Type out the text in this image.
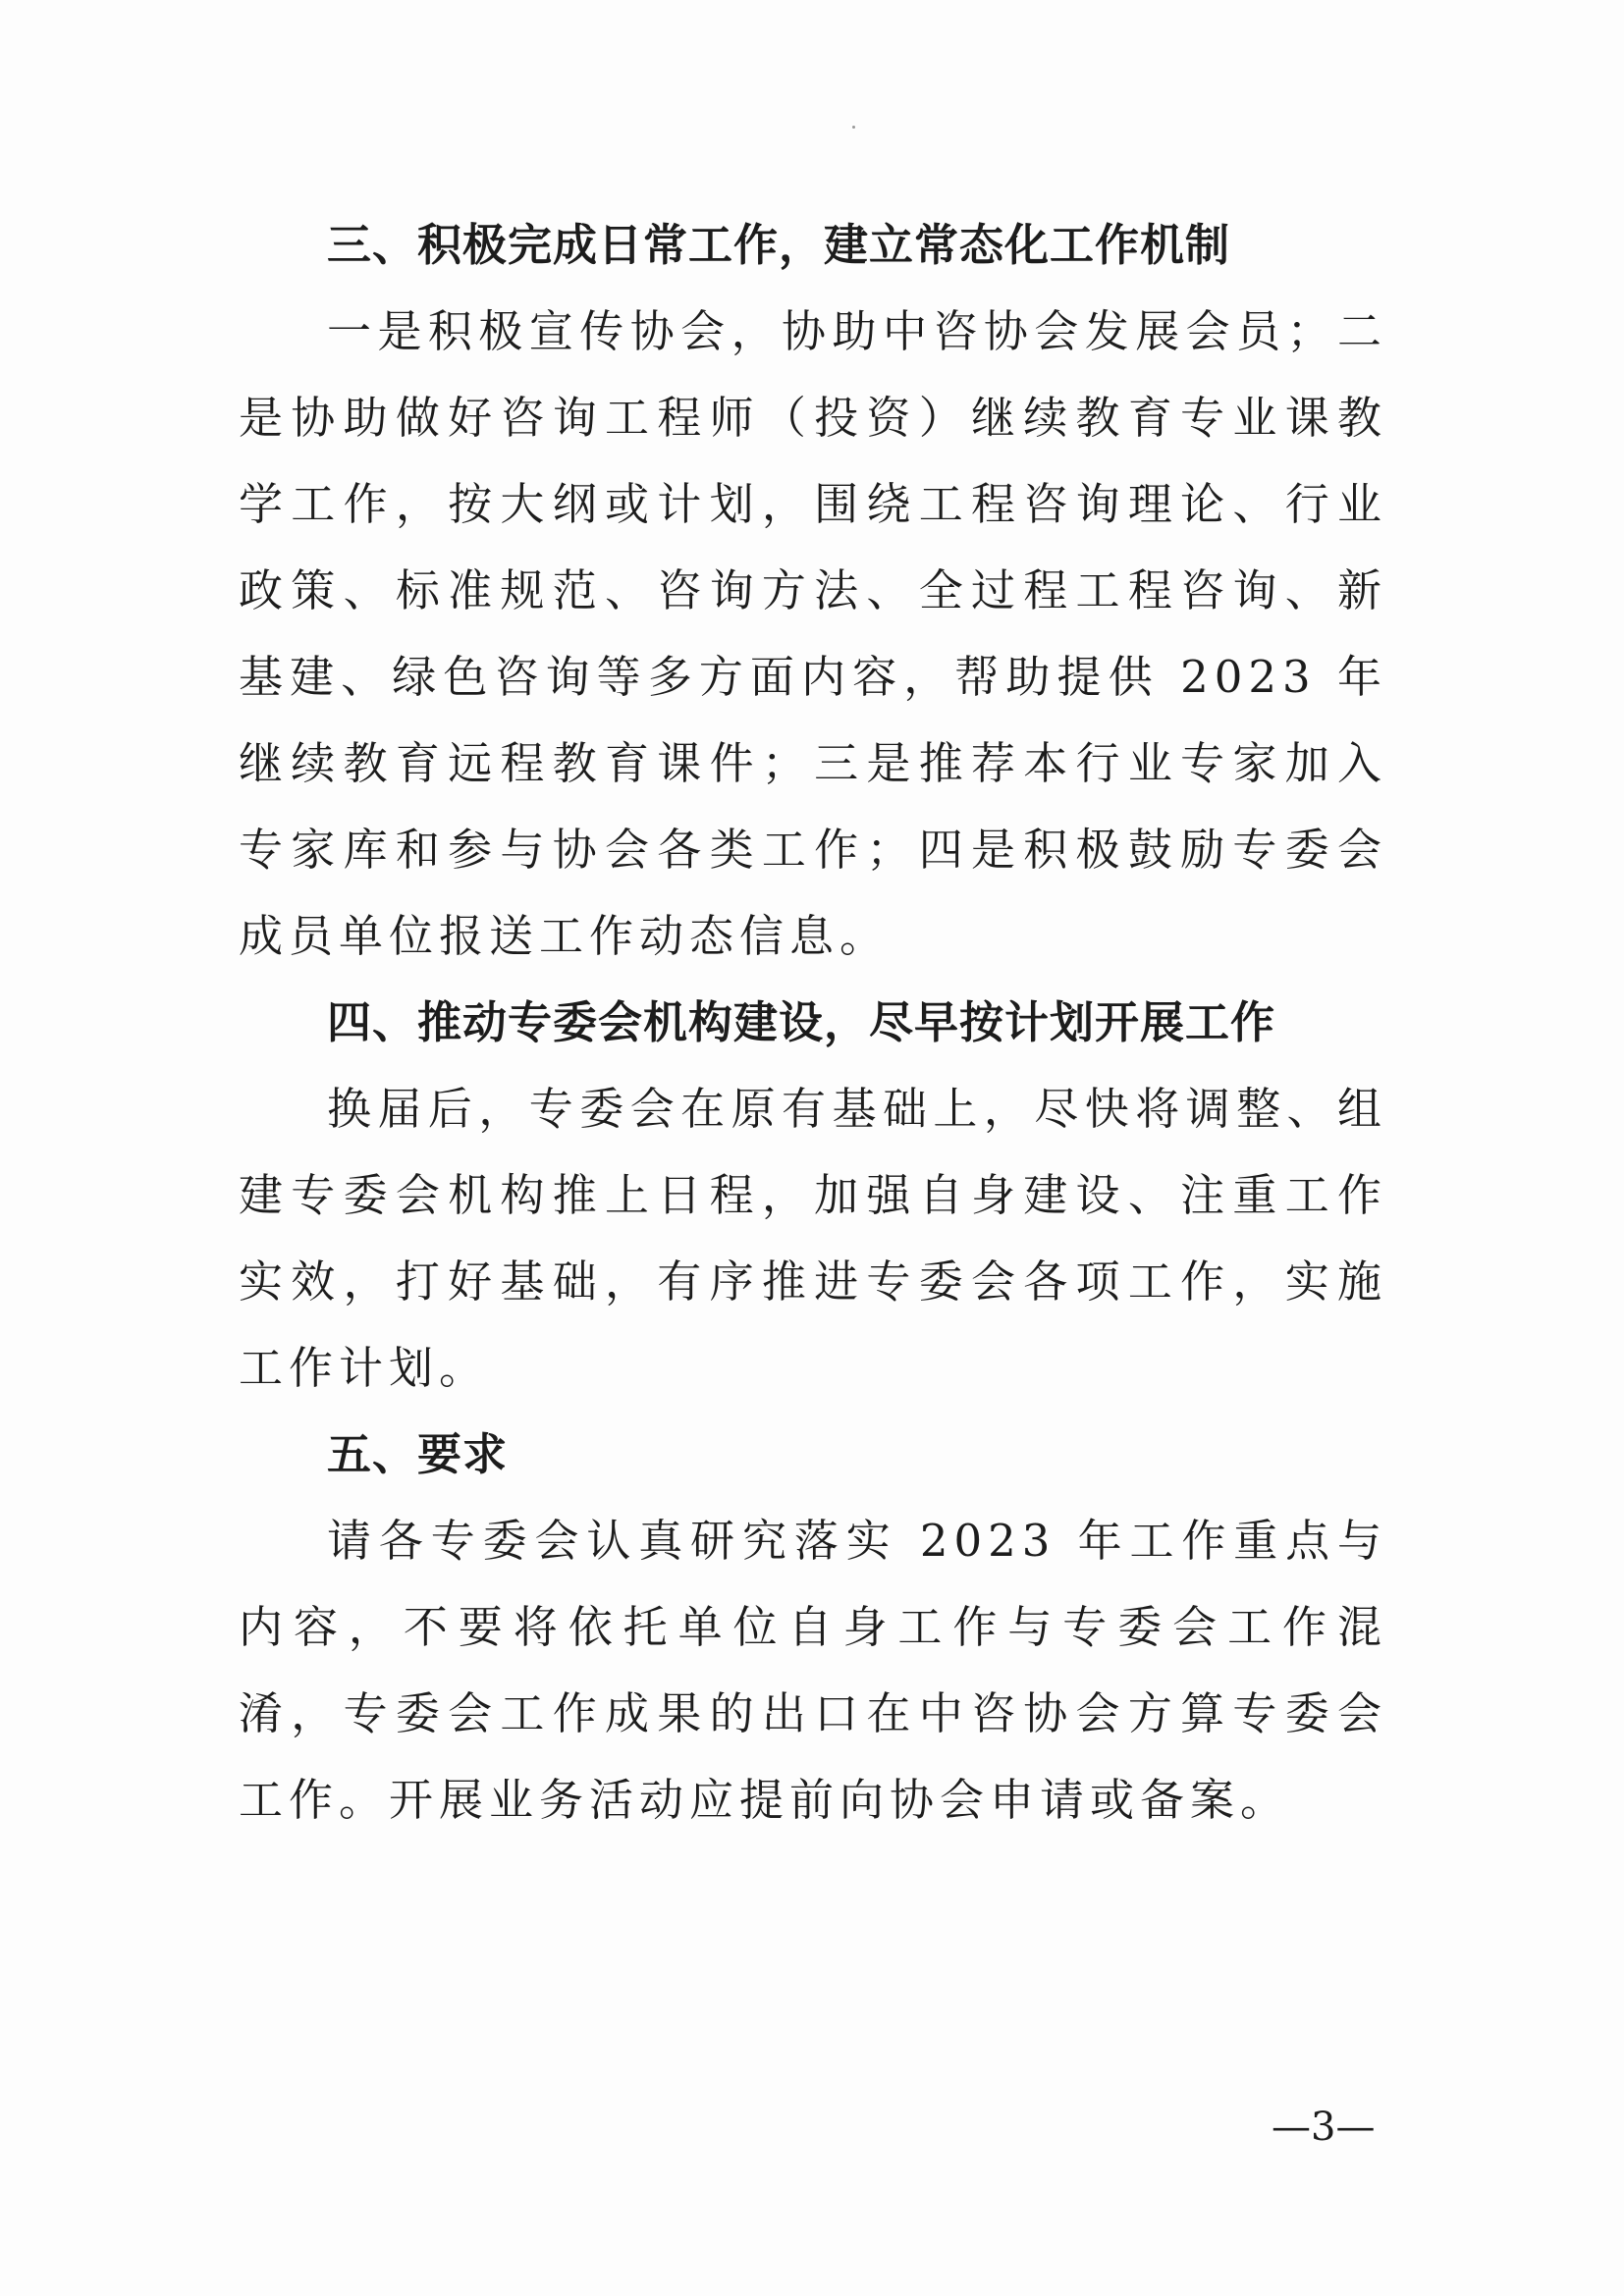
三、积极完成日常工作，建立常态化工作机制

一是积极宣传协会，协助中咨协会发展会员；二是协助做好咨询工程师（投资）继续教育专业课教学工作，按大纲或计划，围绕工程咨询理论、行业政策、标准规范、咨询方法、全过程工程咨询、新基建、绿色咨询等多方面内容，帮助提供 2023 年继续教育远程教育课件；三是推荐本行业专家加入专家库和参与协会各类工作；四是积极鼓励专委会成员单位报送工作动态信息。

四、推动专委会机构建设，尽早按计划开展工作

换届后，专委会在原有基础上，尽快将调整、组建专委会机构推上日程，加强自身建设、注重工作实效，打好基础，有序推进专委会各项工作，实施工作计划。

五、要求

请各专委会认真研究落实 2023 年工作重点与内容，不要将依托单位自身工作与专委会工作混淆，专委会工作成果的出口在中咨协会方算专委会工作。开展业务活动应提前向协会申请或备案。

—3—
